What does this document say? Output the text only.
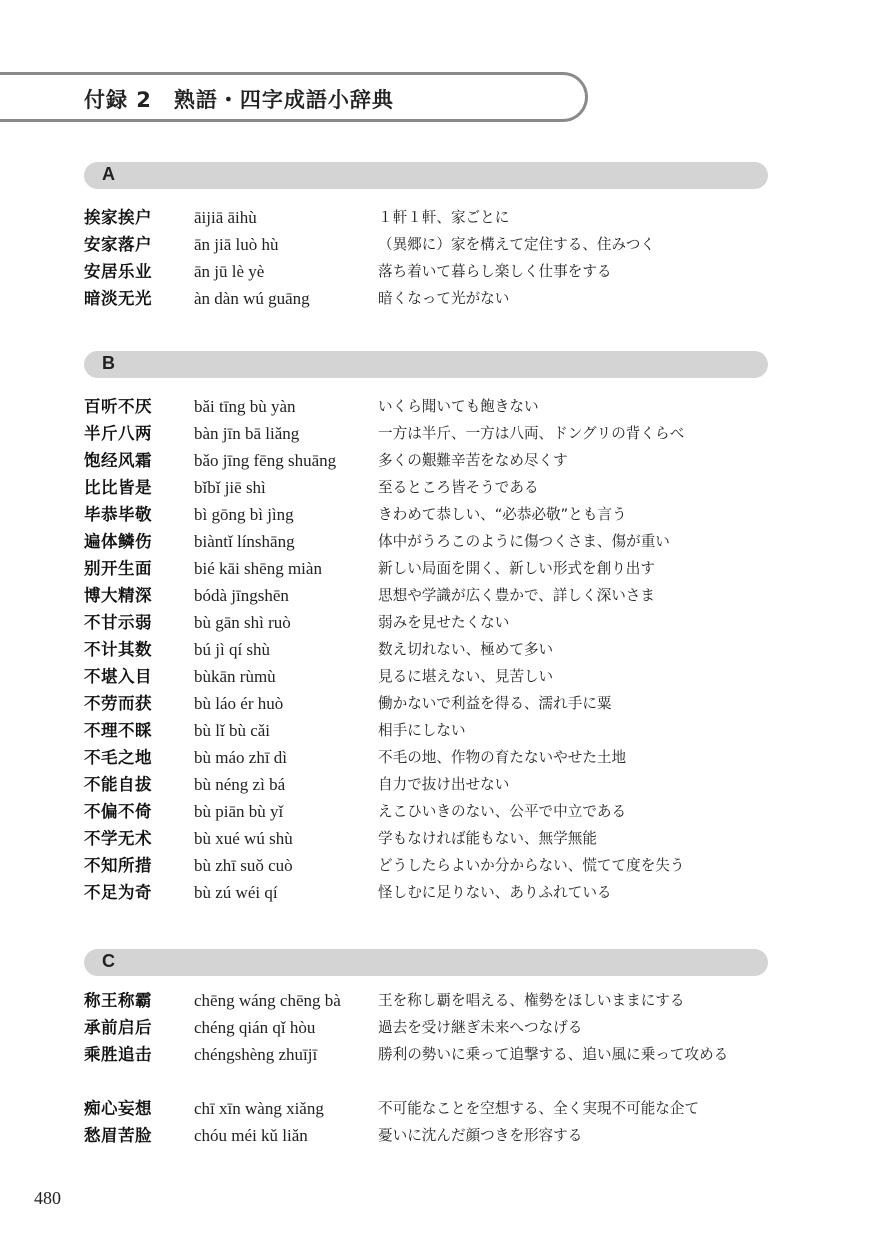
付録 2　熟語・四字成語小辞典
A
挨家挨户 āijiā āihù	１軒１軒、家ごとに
安家落户 ān jiā luò hù	（異郷に）家を構えて定住する、住みつく
安居乐业 ān jū lè yè	落ち着いて暮らし楽しく仕事をする
暗淡无光 àn dàn wú guāng	暗くなって光がない
B
百听不厌 bǎi tīng bù yàn	いくら聞いても飽きない
半斤八两 bàn jīn bā liǎng	一方は半斤、一方は八両、ドングリの背くらべ
饱经风霜 bǎo jīng fēng shuāng	多くの艱難辛苦をなめ尽くす
比比皆是 bǐbǐ jiē shì	至るところ皆そうである
毕恭毕敬 bì gōng bì jìng	きわめて恭しい、“必恭必敬”とも言う
遍体鳞伤 biàntǐ línshāng	体中がうろこのように傷つくさま、傷が重い
别开生面 bié kāi shēng miàn	新しい局面を開く、新しい形式を創り出す
博大精深 bódà jīngshēn	思想や学識が広く豊かで、詳しく深いさま
不甘示弱 bù gān shì ruò	弱みを見せたくない
不计其数 bú jì qí shù	数え切れない、極めて多い
不堪入目 bùkān rùmù	見るに堪えない、見苦しい
不劳而获 bù láo ér huò	働かないで利益を得る、濡れ手に粟
不理不睬 bù lǐ bù cǎi	相手にしない
不毛之地 bù máo zhī dì	不毛の地、作物の育たないやせた土地
不能自拔 bù néng zì bá	自力で抜け出せない
不偏不倚 bù piān bù yǐ	えこひいきのない、公平で中立である
不学无术 bù xué wú shù	学もなければ能もない、無学無能
不知所措 bù zhī suǒ cuò	どうしたらよいか分からない、慌てて度を失う
不足为奇 bù zú wéi qí	怪しむに足りない、ありふれている
C
称王称霸 chēng wáng chēng bà	王を称し覇を唱える、権勢をほしいままにする
承前启后 chéng qián qǐ hòu	過去を受け継ぎ未来へつなげる
乘胜追击 chéngshèng zhuījī	勝利の勢いに乗って追撃する、追い風に乗って攻める
痴心妄想 chī xīn wàng xiǎng	不可能なことを空想する、全く実現不可能な企て
愁眉苦脸 chóu méi kǔ liǎn	憂いに沈んだ顔つきを形容する
480
